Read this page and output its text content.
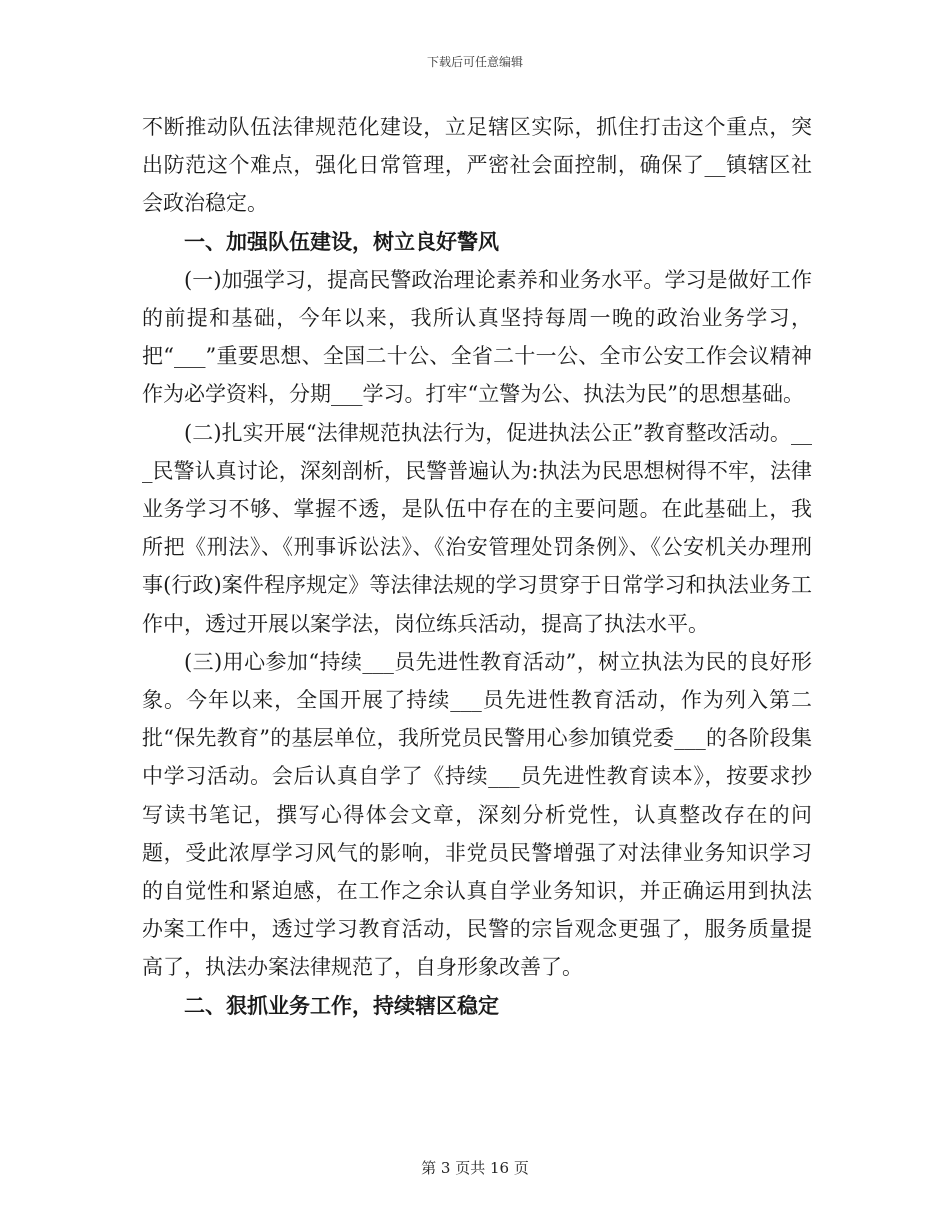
下载后可任意编辑

不断推动队伍法律规范化建设，立足辖区实际，抓住打击这个重点，突出防范这个难点，强化日常管理，严密社会面控制，确保了__镇辖区社会政治稳定。

一、加强队伍建设，树立良好警风

(一)加强学习，提高民警政治理论素养和业务水平。学习是做好工作的前提和基础，今年以来，我所认真坚持每周一晚的政治业务学习，把“___”重要思想、全国二十公、全省二十一公、全市公安工作会议精神作为必学资料，分期___学习。打牢“立警为公、执法为民”的思想基础。

(二)扎实开展“法律规范执法行为，促进执法公正”教育整改活动。___民警认真讨论，深刻剖析，民警普遍认为:执法为民思想树得不牢，法律业务学习不够、掌握不透，是队伍中存在的主要问题。在此基础上，我所把《刑法》、《刑事诉讼法》、《治安管理处罚条例》、《公安机关办理刑事(行政)案件程序规定》等法律法规的学习贯穿于日常学习和执法业务工作中，透过开展以案学法，岗位练兵活动，提高了执法水平。

(三)用心参加“持续___员先进性教育活动”，树立执法为民的良好形象。今年以来，全国开展了持续___员先进性教育活动，作为列入第二批“保先教育”的基层单位，我所党员民警用心参加镇党委___的各阶段集中学习活动。会后认真自学了《持续___员先进性教育读本》，按要求抄写读书笔记，撰写心得体会文章，深刻分析党性，认真整改存在的问题，受此浓厚学习风气的影响，非党员民警增强了对法律业务知识学习的自觉性和紧迫感，在工作之余认真自学业务知识，并正确运用到执法办案工作中，透过学习教育活动，民警的宗旨观念更强了，服务质量提高了，执法办案法律规范了，自身形象改善了。

二、狠抓业务工作，持续辖区稳定

第 3 页共 16 页
